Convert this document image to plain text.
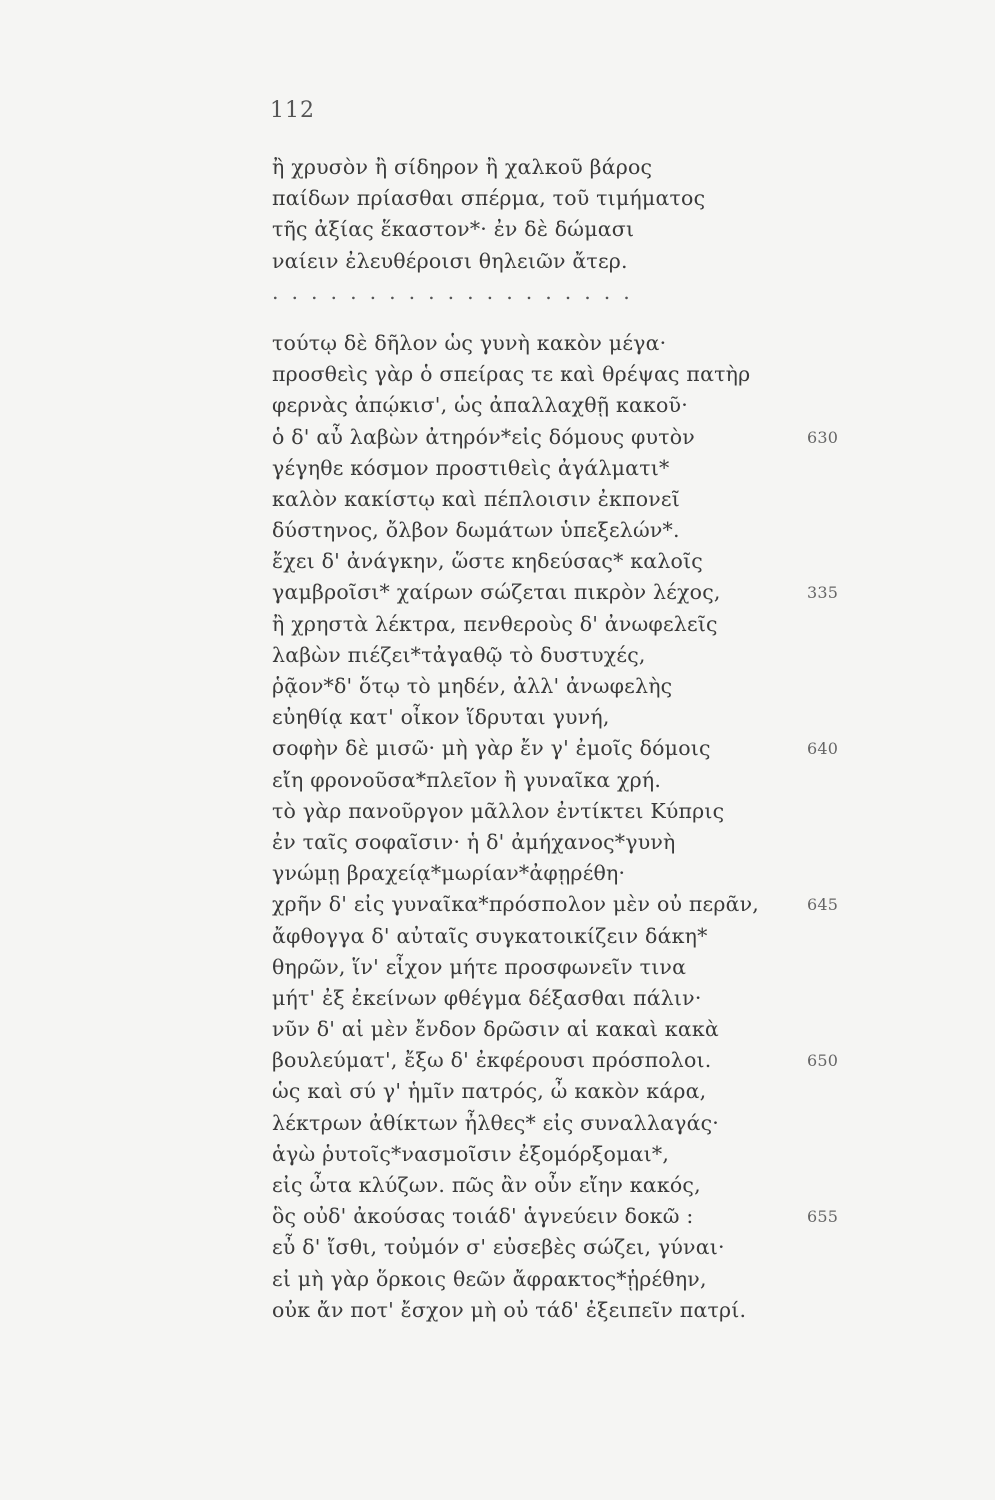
112
ἢ χρυσὸν ἢ σίδηρον ἢ χαλκοῦ βάρος
παίδων πρίασθαι σπέρμα, τοῦ τιμήματος
τῆς ἀξίας ἕκαστον*· ἐν δὲ δώμασι
ναίειν ἐλευθέροισι θηλειῶν ἄτερ.
...................
τούτῳ δὲ δῆλον ὡς γυνὴ κακὸν μέγα·
προσθεὶς γὰρ ὁ σπείρας τε καὶ θρέψας πατὴρ
φερνὰς ἀπῴκισ', ὡς ἀπαλλαχθῇ κακοῦ·
ὁ δ' αὖ λαβὼν ἀτηρόν*εἰς δόμους φυτὸν	630
γέγηθε κόσμον προστιθεὶς ἀγάλματι*
καλὸν κακίστῳ καὶ πέπλοισιν ἐκπονεῖ
δύστηνος, ὄλβον δωμάτων ὑπεξελών*.
ἔχει δ' ἀνάγκην, ὥστε κηδεύσας* καλοῖς
γαμβροῖσι* χαίρων σώζεται πικρὸν λέχος,	335
ἢ χρηστὰ λέκτρα, πενθεροὺς δ' ἀνωφελεῖς
λαβὼν πιέζει*τἀγαθῷ τὸ δυστυχές,
ῥᾷον*δ' ὅτῳ τὸ μηδέν, ἀλλ' ἀνωφελὴς
εὐηθίᾳ κατ' οἶκον ἵδρυται γυνή,
σοφὴν δὲ μισῶ· μὴ γὰρ ἔν γ' ἐμοῖς δόμοις	640
εἴη φρονοῦσα*πλεῖον ἢ γυναῖκα χρή.
τὸ γὰρ πανοῦργον μᾶλλον ἐντίκτει Κύπρις
ἐν ταῖς σοφαῖσιν· ἡ δ' ἀμήχανος*γυνὴ
γνώμῃ βραχείᾳ*μωρίαν*ἀφῃρέθη·
χρῆν δ' εἰς γυναῖκα*πρόσπολον μὲν οὐ περᾶν,	645
ἄφθογγα δ' αὐταῖς συγκατοικίζειν δάκη*
θηρῶν, ἵν' εἶχον μήτε προσφωνεῖν τινα
μήτ' ἐξ ἐκείνων φθέγμα δέξασθαι πάλιν·
νῦν δ' αἱ μὲν ἔνδον δρῶσιν αἱ κακαὶ κακὰ
βουλεύματ', ἔξω δ' ἐκφέρουσι πρόσπολοι.	650
ὡς καὶ σύ γ' ἡμῖν πατρός, ὦ κακὸν κάρα,
λέκτρων ἀθίκτων ἦλθες* εἰς συναλλαγάς·
ἁγὼ ῥυτοῖς*νασμοῖσιν ἐξομόρξομαι*,
εἰς ὦτα κλύζων. πῶς ἂν οὖν εἴην κακός,
ὃς οὐδ' ἀκούσας τοιάδ' ἁγνεύειν δοκῶ :	655
εὖ δ' ἴσθι, τοὐμόν σ' εὐσεβὲς σώζει, γύναι·
εἰ μὴ γὰρ ὅρκοις θεῶν ἄφρακτος*ᾑρέθην,
οὐκ ἄν ποτ' ἔσχον μὴ οὐ τάδ' ἐξειπεῖν πατρί.
